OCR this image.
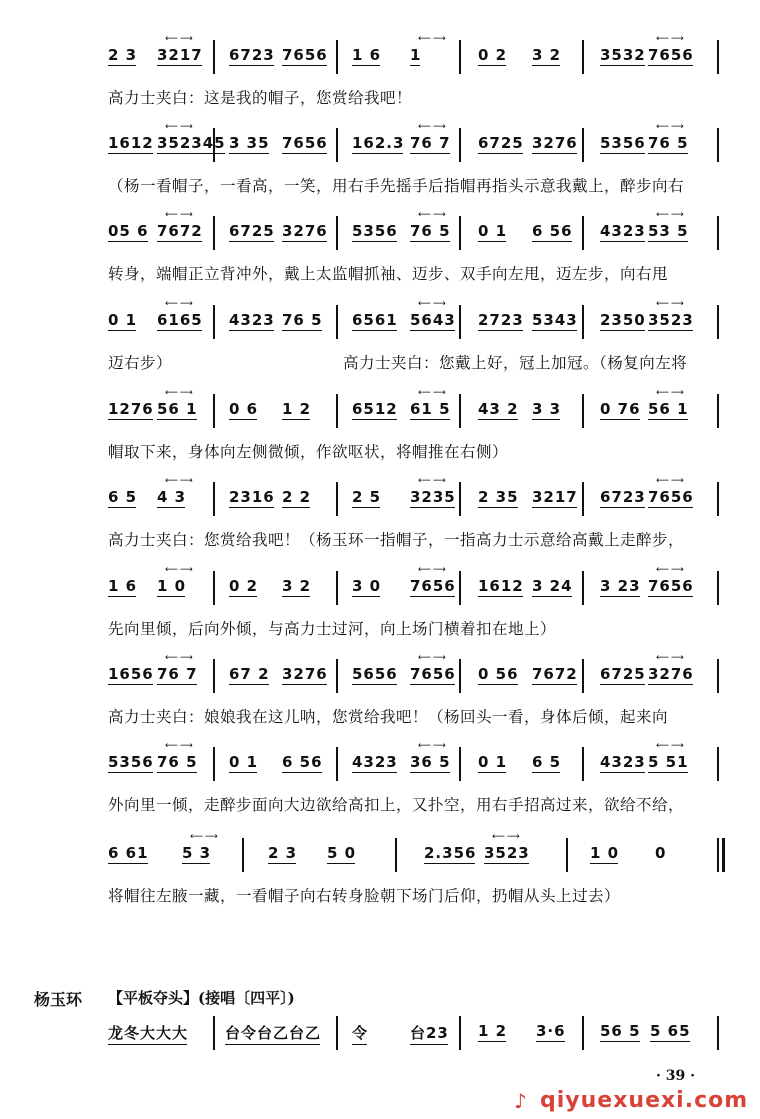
2 3 ⟵⟶ 3217 6723 7656 1 6 ⟵⟶ 1	0 2 3 2	3532 ⟵⟶ 7656
高力士夹白：这是我的帽子，您赏给我吧！
1612 ⟵⟶ 352345 3 35 7656 162.3 ⟵⟶ 76 7 6725 3276 5356 ⟵⟶ 76 5
（杨一看帽子，一看高，一笑，用右手先摇手后指帽再指头示意我戴上，醉步向右
05 6 ⟵⟶ 7672 6725 3276 5356 ⟵⟶ 76 5 0 1 6 56 4323 ⟵⟶ 53 5
转身，端帽正立背冲外，戴上太监帽抓袖、迈步、双手向左甩，迈左步，向右甩
0 1 ⟵⟶ 6165 4323 76 5 6561 ⟵⟶ 5643 2723 5343 2350 ⟵⟶ 3523
迈右步）	高力士夹白：您戴上好，冠上加冠。（杨复向左将
1276 ⟵⟶ 56 1 0 6 1 2	6512 ⟵⟶ 61 5 43 2 3 3	0 76 ⟵⟶ 56 1
帽取下来，身体向左侧微倾，作欲呕状，将帽推在右侧）
6 5 ⟵⟶ 4 3	2316 2 2	2 5 ⟵⟶ 3235 2 35 3217 6723 ⟵⟶ 7656
高力士夹白：您赏给我吧！（杨玉环一指帽子，一指高力士示意给高戴上走醉步，
1 6 ⟵⟶ 1 0	0 2 3 2	3 0 ⟵⟶ 7656 1612 3 24 3 23 ⟵⟶ 7656
先向里倾，后向外倾，与高力士过河，向上场门横着扣在地上）
1656 ⟵⟶ 76 7 67 2 3276 5656 ⟵⟶ 7656 0 56 7672 6725 ⟵⟶ 3276
高力士夹白：娘娘我在这儿呐，您赏给我吧！（杨回头一看，身体后倾，起来向
5356 ⟵⟶ 76 5 0 1 6 56 4323 ⟵⟶ 36 5 0 1 6 5	4323 ⟵⟶ 5 51
外向里一倾，走醉步面向大边欲给高扣上，又扑空，用右手招高过来，欲给不给，
6 61 ⟵⟶ 5 3	2 3 5 0	2.356 ⟵⟶ 3523	1 0 0
将帽往左腋一藏，一看帽子向右转身脸朝下场门后仰，扔帽从头上过去）
龙冬大大大 台令台乙台乙 令	台23 1 2 3·6 56 5 5 65
杨玉环 【平板夺头】(接唱〔四平〕)
· 39 ·
♪ qiyuexuexi.com
